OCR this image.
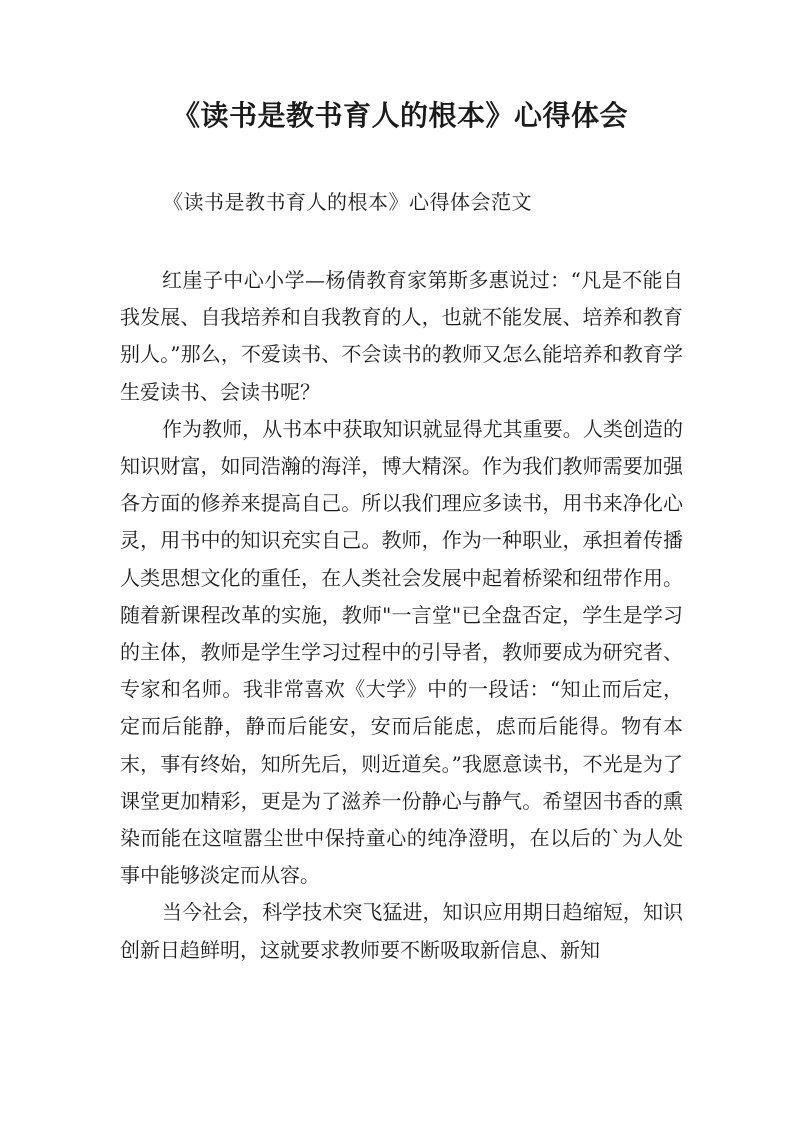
《读书是教书育人的根本》心得体会

《读书是教书育人的根本》心得体会范文

红崖子中心小学—杨倩教育家第斯多惠说过：“凡是不能自我发展、自我培养和自我教育的人，也就不能发展、培养和教育别人。”那么，不爱读书、不会读书的教师又怎么能培养和教育学生爱读书、会读书呢？

作为教师，从书本中获取知识就显得尤其重要。人类创造的知识财富，如同浩瀚的海洋，博大精深。作为我们教师需要加强各方面的修养来提高自己。所以我们理应多读书，用书来净化心灵，用书中的知识充实自己。教师，作为一种职业，承担着传播人类思想文化的重任，在人类社会发展中起着桥梁和纽带作用。随着新课程改革的实施，教师"一言堂"已全盘否定，学生是学习的主体，教师是学生学习过程中的引导者，教师要成为研究者、专家和名师。我非常喜欢《大学》中的一段话：“知止而后定，定而后能静，静而后能安，安而后能虑，虑而后能得。物有本末，事有终始，知所先后，则近道矣。”我愿意读书，不光是为了课堂更加精彩，更是为了滋养一份静心与静气。希望因书香的熏染而能在这喧嚣尘世中保持童心的纯净澄明，在以后的`为人处事中能够淡定而从容。

当今社会，科学技术突飞猛进，知识应用期日趋缩短，知识创新日趋鲜明，这就要求教师要不断吸取新信息、新知
